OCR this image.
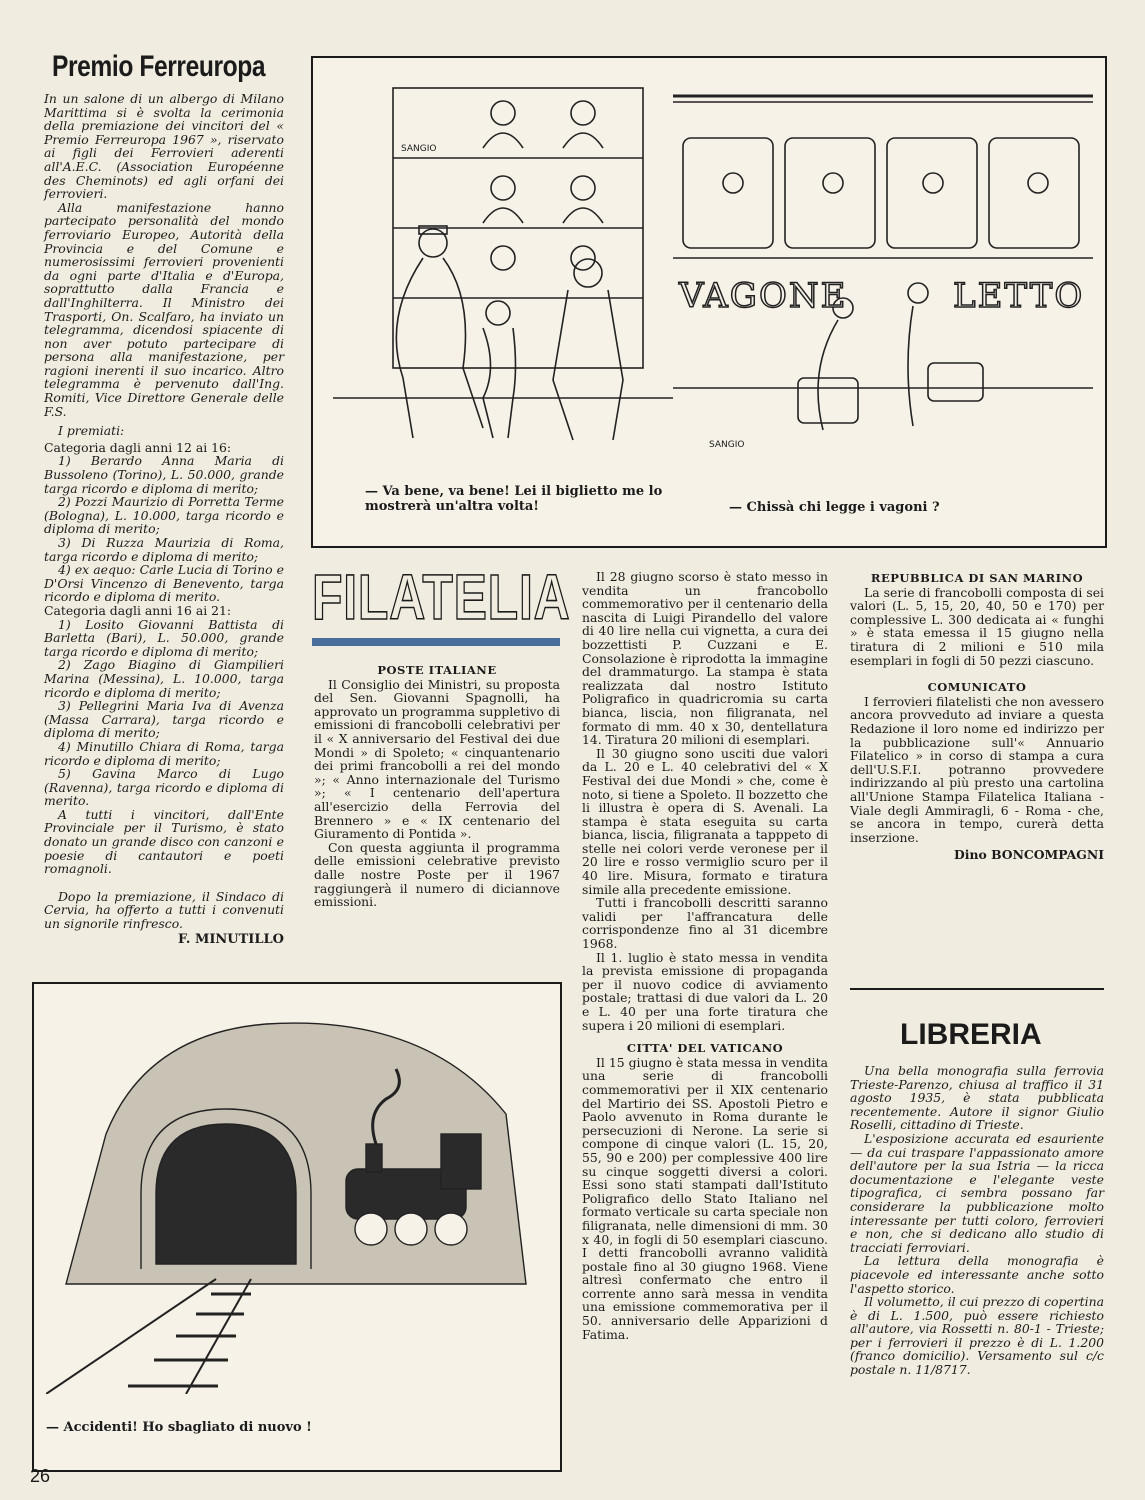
Premio Ferreuropa

In un salone di un albergo di Milano Marittima si è svolta la cerimonia della premiazione dei vincitori del « Premio Ferreuropa 1967 », riservato ai figli dei Ferrovieri aderenti all'A.E.C. (Association Européenne des Cheminots) ed agli orfani dei ferrovieri.

Alla manifestazione hanno partecipato personalità del mondo ferroviario Europeo, Autorità della Provincia e del Comune e numerosissimi ferrovieri provenienti da ogni parte d'Italia e d'Europa, soprattutto dalla Francia e dall'Inghilterra. Il Ministro dei Trasporti, On. Scalfaro, ha inviato un telegramma, dicendosi spiacente di non aver potuto partecipare di persona alla manifestazione, per ragioni inerenti il suo incarico. Altro telegramma è pervenuto dall'Ing. Romiti, Vice Direttore Generale delle F.S.

I premiati:

Categoria dagli anni 12 ai 16:

1) Berardo Anna Maria di Bussoleno (Torino), L. 50.000, grande targa ricordo e diploma di merito;

2) Pozzi Maurizio di Porretta Terme (Bologna), L. 10.000, targa ricordo e diploma di merito;

3) Di Ruzza Maurizia di Roma, targa ricordo e diploma di merito;

4) ex aequo: Carle Lucia di Torino e D'Orsi Vincenzo di Benevento, targa ricordo e diploma di merito.

Categoria dagli anni 16 ai 21:

1) Losito Giovanni Battista di Barletta (Bari), L. 50.000, grande targa ricordo e diploma di merito;

2) Zago Biagino di Giampilieri Marina (Messina), L. 10.000, targa ricordo e diploma di merito;

3) Pellegrini Maria Iva di Avenza (Massa Carrara), targa ricordo e diploma di merito;

4) Minutillo Chiara di Roma, targa ricordo e diploma di merito;

5) Gavina Marco di Lugo (Ravenna), targa ricordo e diploma di merito.

A tutti i vincitori, dall'Ente Provinciale per il Turismo, è stato donato un grande disco con canzoni e poesie di cantautori e poeti romagnoli.

Dopo la premiazione, il Sindaco di Cervia, ha offerto a tutti i convenuti un signorile rinfresco.

F. MINUTILLO

SANGIO
— Va bene, va bene! Lei il biglietto me lo mostrerà un'altra volta!
VAGONE	LETTO
SANGIO
— Chissà chi legge i vagoni ?
FILATELIA

POSTE ITALIANE

Il Consiglio dei Ministri, su proposta del Sen. Giovanni Spagnolli, ha approvato un programma suppletivo di emissioni di francobolli celebrativi per il « X anniversario del Festival dei due Mondi » di Spoleto; « cinquantenario dei primi francobolli a rei del mondo »; « Anno internazionale del Turismo »; « I centenario dell'apertura all'esercizio della Ferrovia del Brennero » e « IX centenario del Giuramento di Pontida ».

Con questa aggiunta il programma delle emissioni celebrative previsto dalle nostre Poste per il 1967 raggiungerà il numero di diciannove emissioni.

Il 28 giugno scorso è stato messo in vendita un francobollo commemorativo per il centenario della nascita di Luigi Pirandello del valore di 40 lire nella cui vignetta, a cura dei bozzettisti P. Cuzzani e E. Consolazione è riprodotta la immagine del drammaturgo. La stampa è stata realizzata dal nostro Istituto Poligrafico in quadricromia su carta bianca, liscia, non filigranata, nel formato di mm. 40 x 30, dentellatura 14. Tiratura 20 milioni di esemplari.

Il 30 giugno sono usciti due valori da L. 20 e L. 40 celebrativi del « X Festival dei due Mondi » che, come è noto, si tiene a Spoleto. Il bozzetto che li illustra è opera di S. Avenali. La stampa è stata eseguita su carta bianca, liscia, filigranata a tapppeto di stelle nei colori verde veronese per il 20 lire e rosso vermiglio scuro per il 40 lire. Misura, formato e tiratura simile alla precedente emissione.

Tutti i francobolli descritti saranno validi per l'affrancatura delle corrispondenze fino al 31 dicembre 1968.

Il 1. luglio è stato messa in vendita la prevista emissione di propaganda per il nuovo codice di avviamento postale; trattasi di due valori da L. 20 e L. 40 per una forte tiratura che supera i 20 milioni di esemplari.

CITTA' DEL VATICANO

Il 15 giugno è stata messa in vendita una serie di francobolli commemorativi per il XIX centenario del Martirio dei SS. Apostoli Pietro e Paolo avvenuto in Roma durante le persecuzioni di Nerone. La serie si compone di cinque valori (L. 15, 20, 55, 90 e 200) per complessive 400 lire su cinque soggetti diversi a colori. Essi sono stati stampati dall'Istituto Poligrafico dello Stato Italiano nel formato verticale su carta speciale non filigranata, nelle dimensioni di mm. 30 x 40, in fogli di 50 esemplari ciascuno. I detti francobolli avranno validità postale fino al 30 giugno 1968. Viene altresì confermato che entro il corrente anno sarà messa in vendita una emissione commemorativa per il 50. anniversario delle Apparizioni d Fatima.

REPUBBLICA DI SAN MARINO

La serie di francobolli composta di sei valori (L. 5, 15, 20, 40, 50 e 170) per complessive L. 300 dedicata ai « funghi » è stata emessa il 15 giugno nella tiratura di 2 milioni e 510 mila esemplari in fogli di 50 pezzi ciascuno.

COMUNICATO

I ferrovieri filatelisti che non avessero ancora provveduto ad inviare a questa Redazione il loro nome ed indirizzo per la pubblicazione sull'« Annuario Filatelico » in corso di stampa a cura dell'U.S.F.I. potranno provvedere indirizzando al più presto una cartolina all'Unione Stampa Filatelica Italiana - Viale degli Ammiragli, 6 - Roma - che, se ancora in tempo, curerà detta inserzione.

Dino BONCOMPAGNI

LIBRERIA

Una bella monografia sulla ferrovia Trieste-Parenzo, chiusa al traffico il 31 agosto 1935, è stata pubblicata recentemente. Autore il signor Giulio Roselli, cittadino di Trieste.

L'esposizione accurata ed esauriente — da cui traspare l'appassionato amore dell'autore per la sua Istria — la ricca documentazione e l'elegante veste tipografica, ci sembra possano far considerare la pubblicazione molto interessante per tutti coloro, ferrovieri e non, che si dedicano allo studio di tracciati ferroviari.

La lettura della monografia è piacevole ed interessante anche sotto l'aspetto storico.

Il volumetto, il cui prezzo di copertina è di L. 1.500, può essere richiesto all'autore, via Rossetti n. 80-1 - Trieste; per i ferrovieri il prezzo è di L. 1.200 (franco domicilio). Versamento sul c/c postale n. 11/8717.

— Accidenti! Ho sbagliato di nuovo !
26
